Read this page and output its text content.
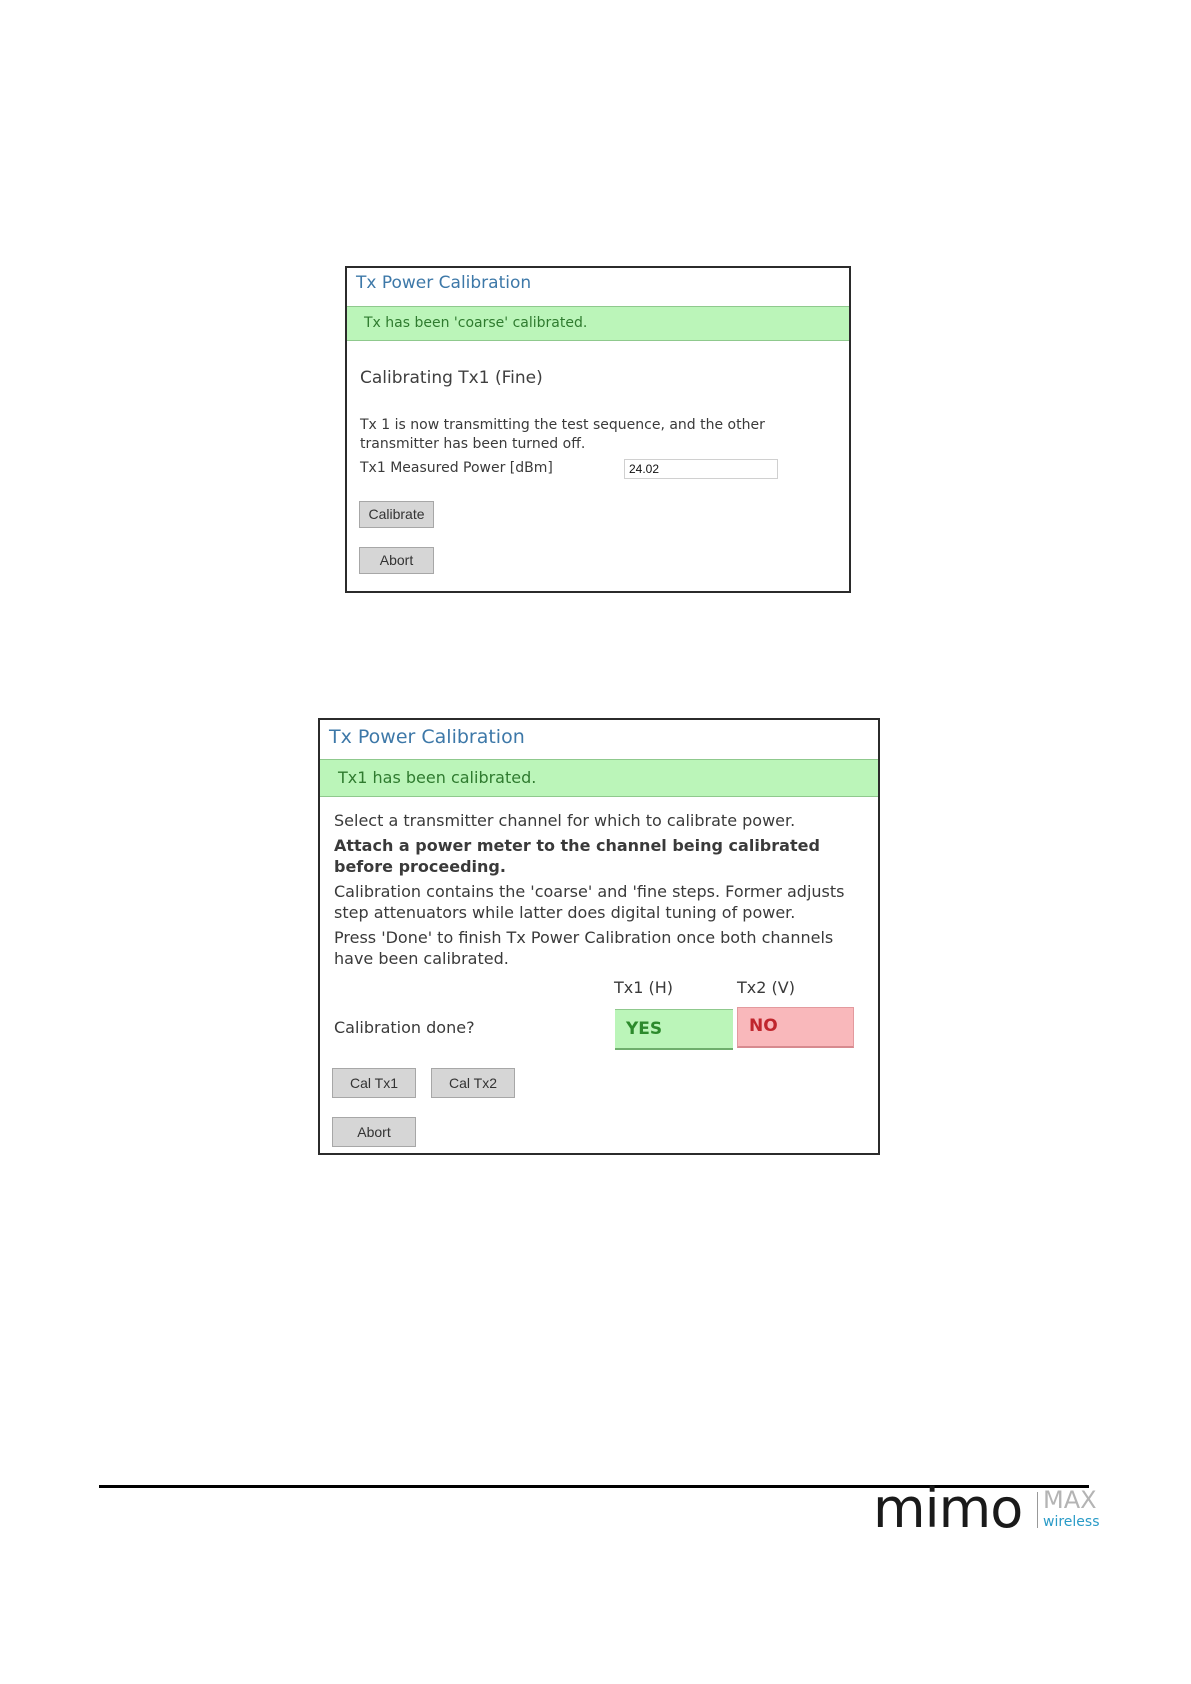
Tx Power Calibration
Tx has been 'coarse' calibrated.
Calibrating Tx1 (Fine)
Tx 1 is now transmitting the test sequence, and the other
transmitter has been turned off.
Tx1 Measured Power [dBm]	24.02
Calibrate
Abort
Tx Power Calibration
Tx1 has been calibrated.
Select a transmitter channel for which to calibrate power.
Attach a power meter to the channel being calibrated
before proceeding.
Calibration contains the 'coarse' and 'fine steps. Former adjusts
step attenuators while latter does digital tuning of power.
Press 'Done' to finish Tx Power Calibration once both channels
have been calibrated.
Tx1 (H)	Tx2 (V)
Calibration done?	YES	NO
Cal Tx1	Cal Tx2
Abort
mimo MAX
wireless
